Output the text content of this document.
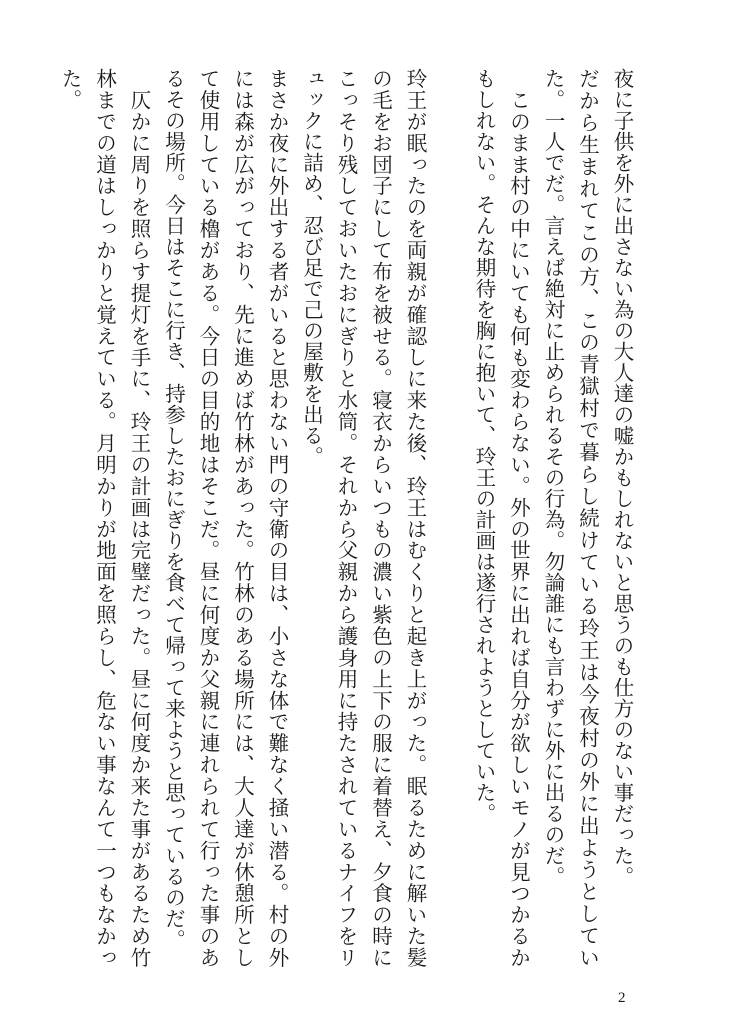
夜に子供を外に出さない為の大人達の嘘かもしれないと思うのも仕方のない事だった。
だから生まれてこの方、この青獄村で暮らし続けている玲王は今夜村の外に出ようとしていた。一人でだ。言えば絶対に止められるその行為。勿論誰にも言わずに外に出るのだ。
このまま村の中にいても何も変わらない。外の世界に出れば自分が欲しいモノが見つかるかもしれない。そんな期待を胸に抱いて、玲王の計画は遂行されようとしていた。
玲王が眠ったのを両親が確認しに来た後、玲王はむくりと起き上がった。眠るために解いた髪の毛をお団子にして布を被せる。寝衣からいつもの濃い紫色の上下の服に着替え、夕食の時にこっそり残しておいたおにぎりと水筒。それから父親から護身用に持たされているナイフをリュックに詰め、忍び足で己の屋敷を出る。
まさか夜に外出する者がいると思わない門の守衛の目は、小さな体で難なく掻い潜る。村の外には森が広がっており、先に進めば竹林があった。竹林のある場所には、大人達が休憩所として使用している櫓がある。今日の目的地はそこだ。昼に何度か父親に連れられて行った事のあるその場所。今日はそこに行き、持参したおにぎりを食べて帰って来ようと思っているのだ。
仄かに周りを照らす提灯を手に、玲王の計画は完璧だった。昼に何度か来た事があるため竹林までの道はしっかりと覚えている。月明かりが地面を照らし、危ない事なんて一つもなかった。
2
